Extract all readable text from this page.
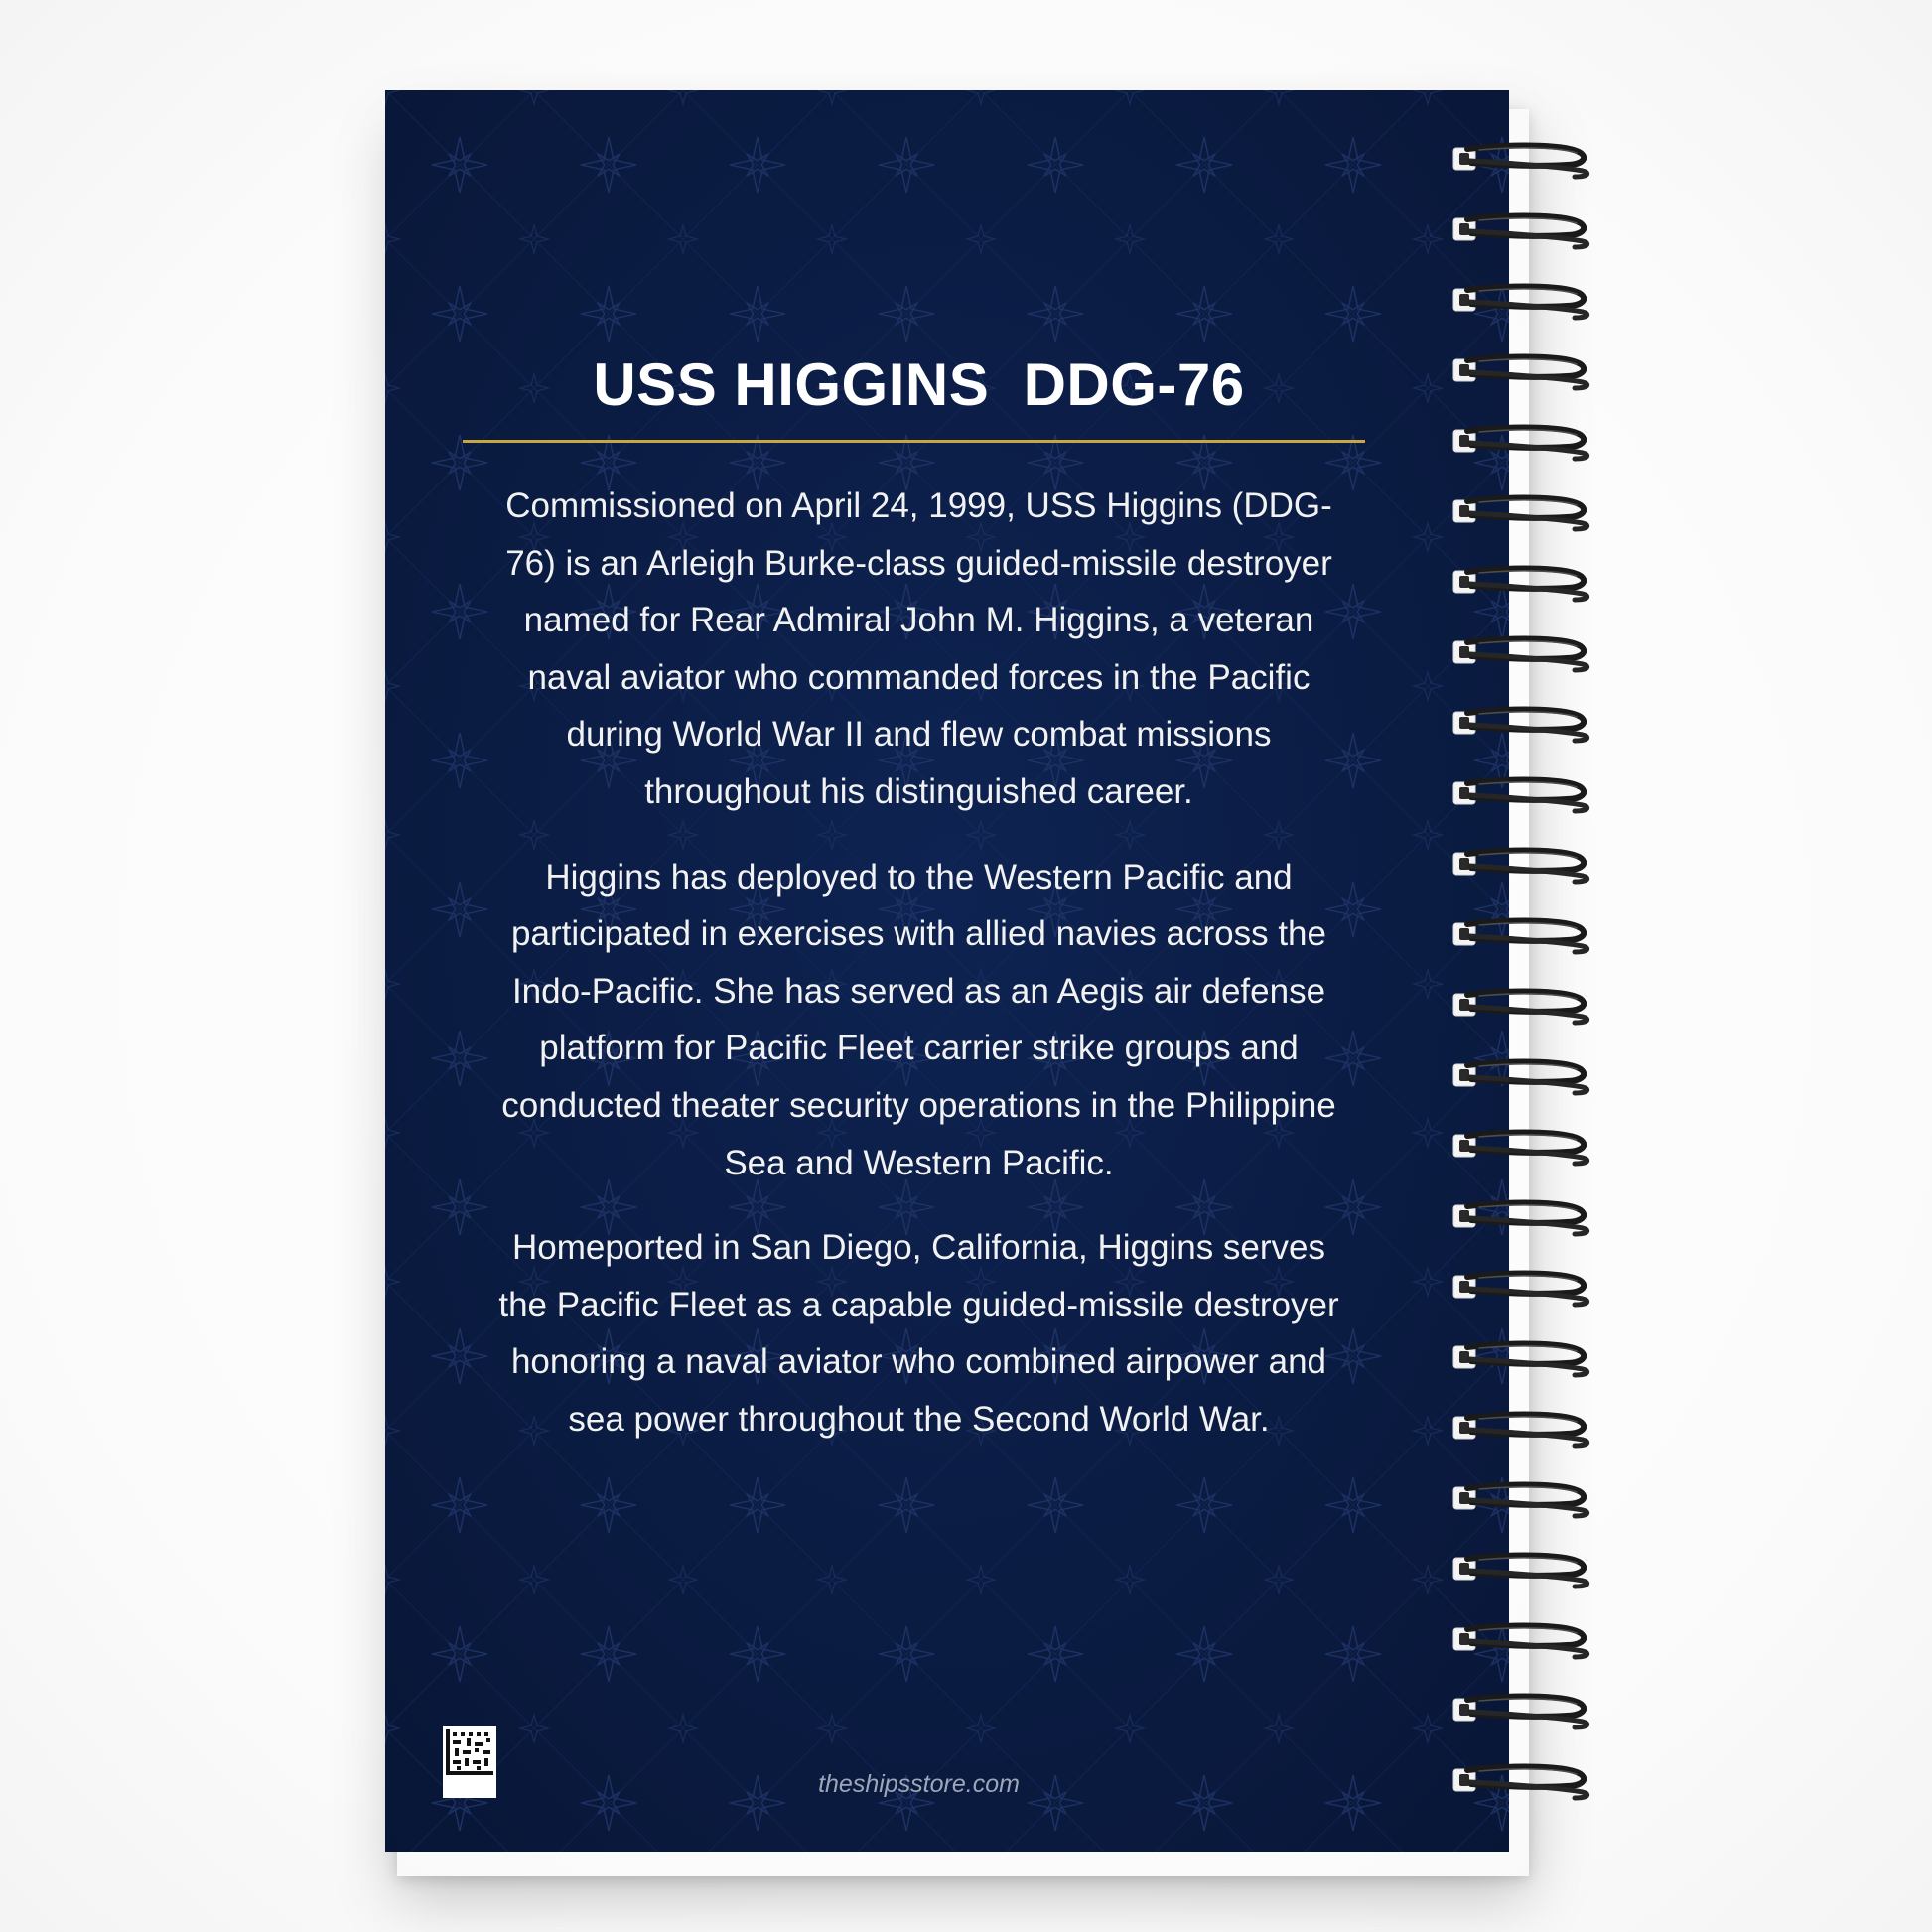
USS HIGGINS  DDG-76

Commissioned on April 24, 1999, USS Higgins (DDG-76) is an Arleigh Burke-class guided-missile destroyer named for Rear Admiral John M. Higgins, a veteran naval aviator who commanded forces in the Pacific during World War II and flew combat missions throughout his distinguished career.

Higgins has deployed to the Western Pacific and participated in exercises with allied navies across the Indo-Pacific. She has served as an Aegis air defense platform for Pacific Fleet carrier strike groups and conducted theater security operations in the Philippine Sea and Western Pacific.

Homeported in San Diego, California, Higgins serves the Pacific Fleet as a capable guided-missile destroyer honoring a naval aviator who combined airpower and sea power throughout the Second World War.

theshipsstore.com
